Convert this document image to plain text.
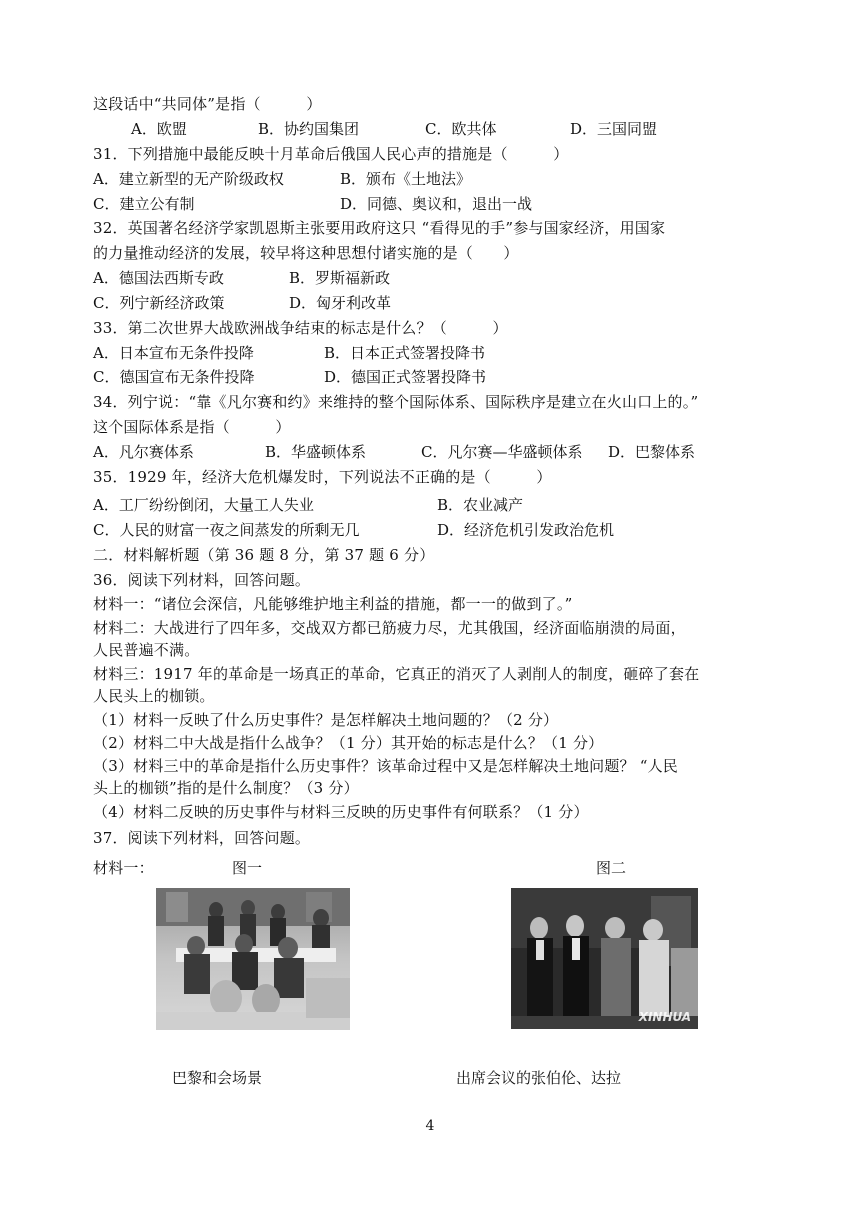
这段话中“共同体”是指（　　　）
A．欧盟	B．协约国集团	C．欧共体	D．三国同盟
31．下列措施中最能反映十月革命后俄国人民心声的措施是（　　　）
A．建立新型的无产阶级政权	B．颁布《土地法》
C．建立公有制	D．同德、奥议和，退出一战
32．英国著名经济学家凯恩斯主张要用政府这只 “看得见的手”参与国家经济，用国家
的力量推动经济的发展，较早将这种思想付诸实施的是（　　）
A．德国法西斯专政	B．罗斯福新政
C．列宁新经济政策	D．匈牙利改革
33．第二次世界大战欧洲战争结束的标志是什么？（　　　）
A．日本宣布无条件投降	B．日本正式签署投降书
C．德国宣布无条件投降	D．德国正式签署投降书
34．列宁说：“靠《凡尔赛和约》来维持的整个国际体系、国际秩序是建立在火山口上的。”
这个国际体系是指（　　　）
A．凡尔赛体系	B．华盛顿体系	C．凡尔赛—华盛顿体系 D．巴黎体系
35．1929 年，经济大危机爆发时，下列说法不正确的是（　　　）
A．工厂纷纷倒闭，大量工人失业	B．农业减产
C．人民的财富一夜之间蒸发的所剩无几	D．经济危机引发政治危机
二．材料解析题（第 36 题 8 分，第 37 题 6 分）
36．阅读下列材料，回答问题。
材料一：“诸位会深信，凡能够维护地主利益的措施，都一一的做到了。”
材料二：大战进行了四年多，交战双方都已筋疲力尽，尤其俄国，经济面临崩溃的局面，
人民普遍不满。
材料三：1917 年的革命是一场真正的革命，它真正的消灭了人剥削人的制度，砸碎了套在
人民头上的枷锁。
（1）材料一反映了什么历史事件？是怎样解决土地问题的？（2 分）
（2）材料二中大战是指什么战争？（1 分）其开始的标志是什么？（1 分）
（3）材料三中的革命是指什么历史事件？该革命过程中又是怎样解决土地问题？ “人民
头上的枷锁”指的是什么制度？（3 分）
（4）材料二反映的历史事件与材料三反映的历史事件有何联系？（1 分）
37．阅读下列材料，回答问题。
材料一：	图一	图二
XINHUA
巴黎和会场景	出席会议的张伯伦、达拉
4
